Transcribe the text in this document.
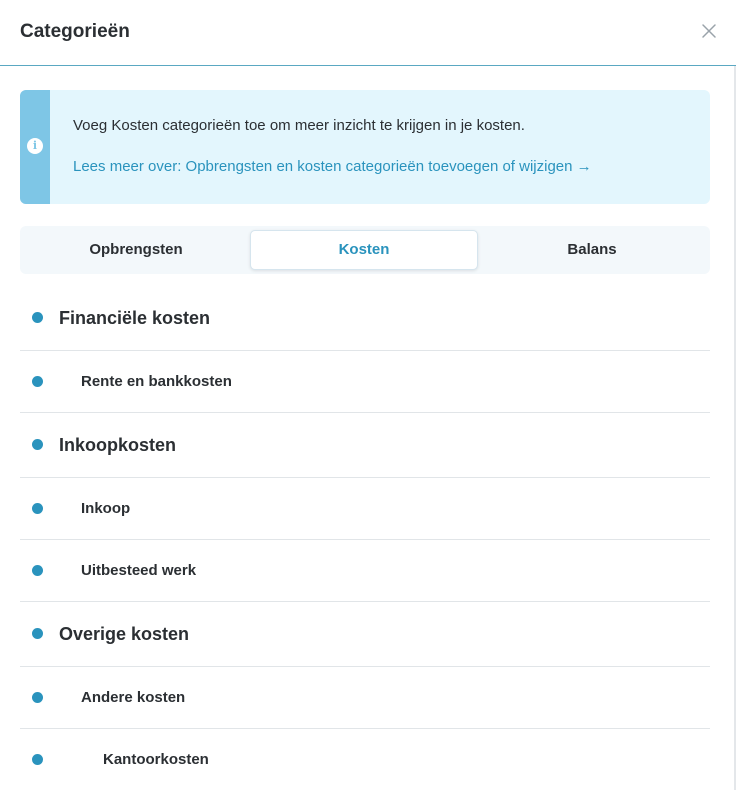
Categorieën
i
Voeg Kosten categorieën toe om meer inzicht te krijgen in je kosten.
Lees meer over: Opbrengsten en kosten categorieën toevoegen of wijzigen →
Opbrengsten	Kosten	Balans
Financiële kosten
Rente en bankkosten
Inkoopkosten
Inkoop
Uitbesteed werk
Overige kosten
Andere kosten
Kantoorkosten
